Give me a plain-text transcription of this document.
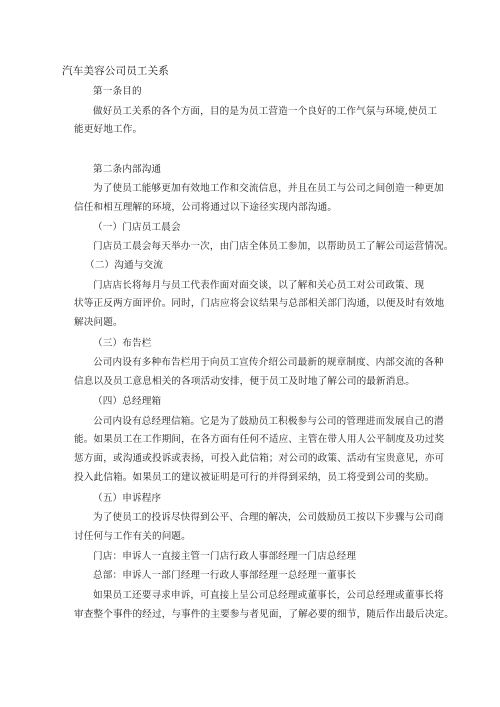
汽车美容公司员工关系
第一条目的
做好员工关系的各个方面，目的是为员工营造一个良好的工作气氛与环境,使员工
能更好地工作。
第二条内部沟通
为了使员工能够更加有效地工作和交流信息，并且在员工与公司之间创造一种更加
信任和相互理解的环境，公司将通过以下途径实现内部沟通。
（一）门店员工晨会
门店员工晨会每天举办一次，由门店全体员工参加，以帮助员工了解公司运营情况。
（二）沟通与交流
门店店长将每月与员工代表作面对面交谈，以了解和关心员工对公司政策、现
状等正反两方面评价。同时，门店应将会议结果与总部相关部门沟通，以便及时有效地
解决问题。
（三）布告栏
公司内设有多种布告栏用于向员工宣传介绍公司最新的规章制度、内部交流的各种
信息以及员工意息相关的各项活动安排，便于员工及时地了解公司的最新消息。
（四）总经理箱
公司内设有总经理信箱。它是为了鼓励员工积极参与公司的管理进而发展自己的潜
能。如果员工在工作期间，在各方面有任何不适应、主管在带人用人公平制度及功过奖
惩方面，或沟通或投诉或表扬，可投入此信箱；对公司的政策、活动有宝贵意见，亦可
投入此信箱。如果员工的建议被证明是可行的并得到采纳，员工将受到公司的奖励。
（五）申诉程序
为了使员工的投诉尽快得到公平、合理的解决，公司鼓励员工按以下步骤与公司商
讨任何与工作有关的问题。
门店：申诉人一直接主管一门店行政人事部经理一门店总经理
总部：申诉人一部门经理一行政人事部经理一总经理一董事长
如果员工还要寻求申诉，可直接上呈公司总经理或董事长，公司总经理或董事长将
审查整个事件的经过，与事件的主要参与者见面，了解必要的细节，随后作出最后决定。
